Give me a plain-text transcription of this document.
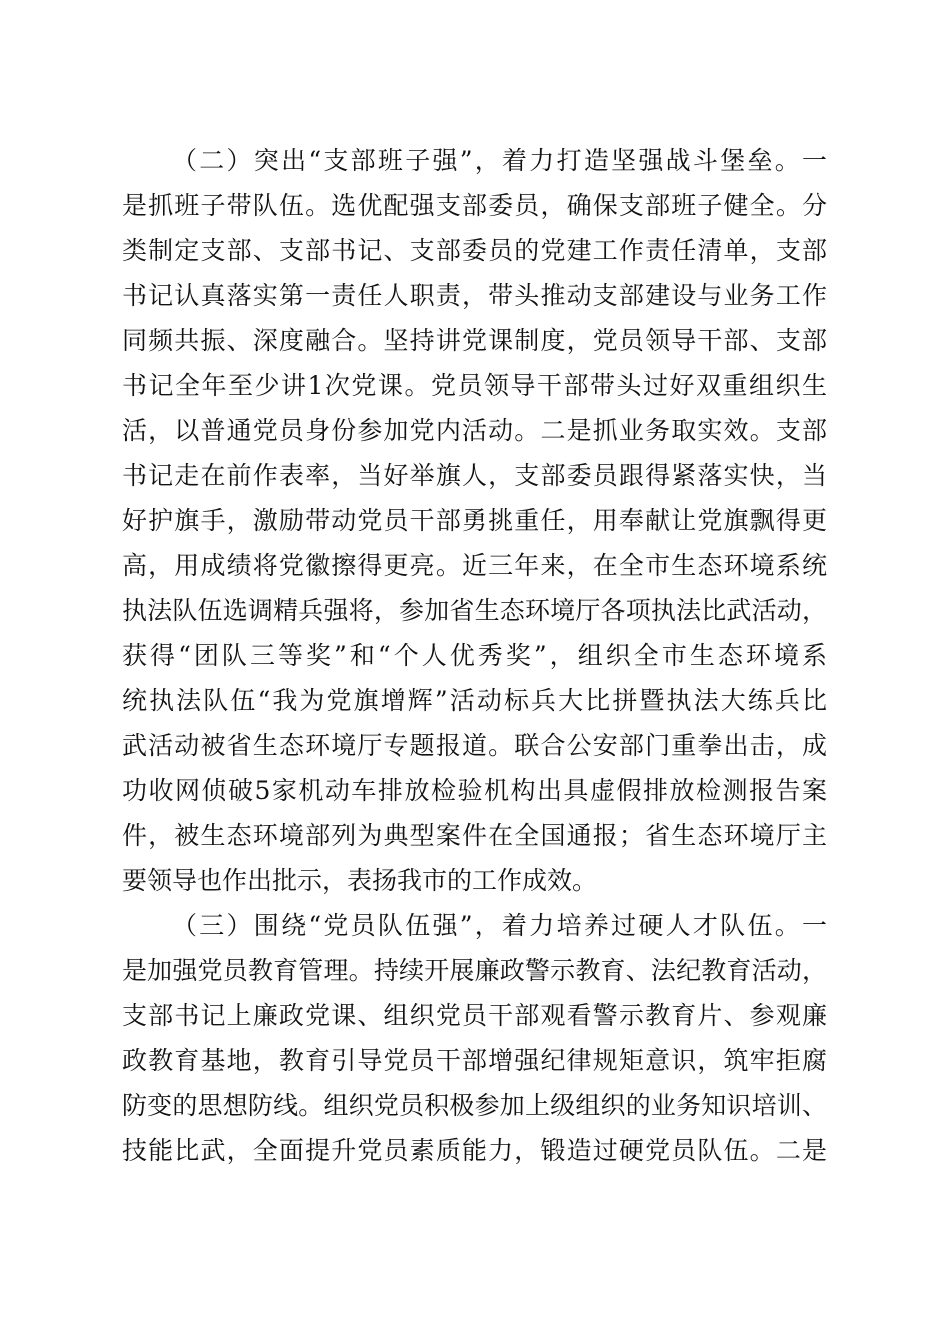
（二）突出“支部班子强”，着力打造坚强战斗堡垒。一
是抓班子带队伍。选优配强支部委员，确保支部班子健全。分
类制定支部、支部书记、支部委员的党建工作责任清单，支部
书记认真落实第一责任人职责，带头推动支部建设与业务工作
同频共振、深度融合。坚持讲党课制度，党员领导干部、支部
书记全年至少讲1次党课。党员领导干部带头过好双重组织生
活，以普通党员身份参加党内活动。二是抓业务取实效。支部
书记走在前作表率，当好举旗人，支部委员跟得紧落实快，当
好护旗手，激励带动党员干部勇挑重任，用奉献让党旗飘得更
高，用成绩将党徽擦得更亮。近三年来，在全市生态环境系统
执法队伍选调精兵强将，参加省生态环境厅各项执法比武活动，
获得“团队三等奖”和“个人优秀奖”，组织全市生态环境系
统执法队伍“我为党旗增辉”活动标兵大比拼暨执法大练兵比
武活动被省生态环境厅专题报道。联合公安部门重拳出击，成
功收网侦破5家机动车排放检验机构出具虚假排放检测报告案
件，被生态环境部列为典型案件在全国通报；省生态环境厅主
要领导也作出批示，表扬我市的工作成效。
（三）围绕“党员队伍强”，着力培养过硬人才队伍。一
是加强党员教育管理。持续开展廉政警示教育、法纪教育活动，
支部书记上廉政党课、组织党员干部观看警示教育片、参观廉
政教育基地，教育引导党员干部增强纪律规矩意识，筑牢拒腐
防变的思想防线。组织党员积极参加上级组织的业务知识培训、
技能比武，全面提升党员素质能力，锻造过硬党员队伍。二是
